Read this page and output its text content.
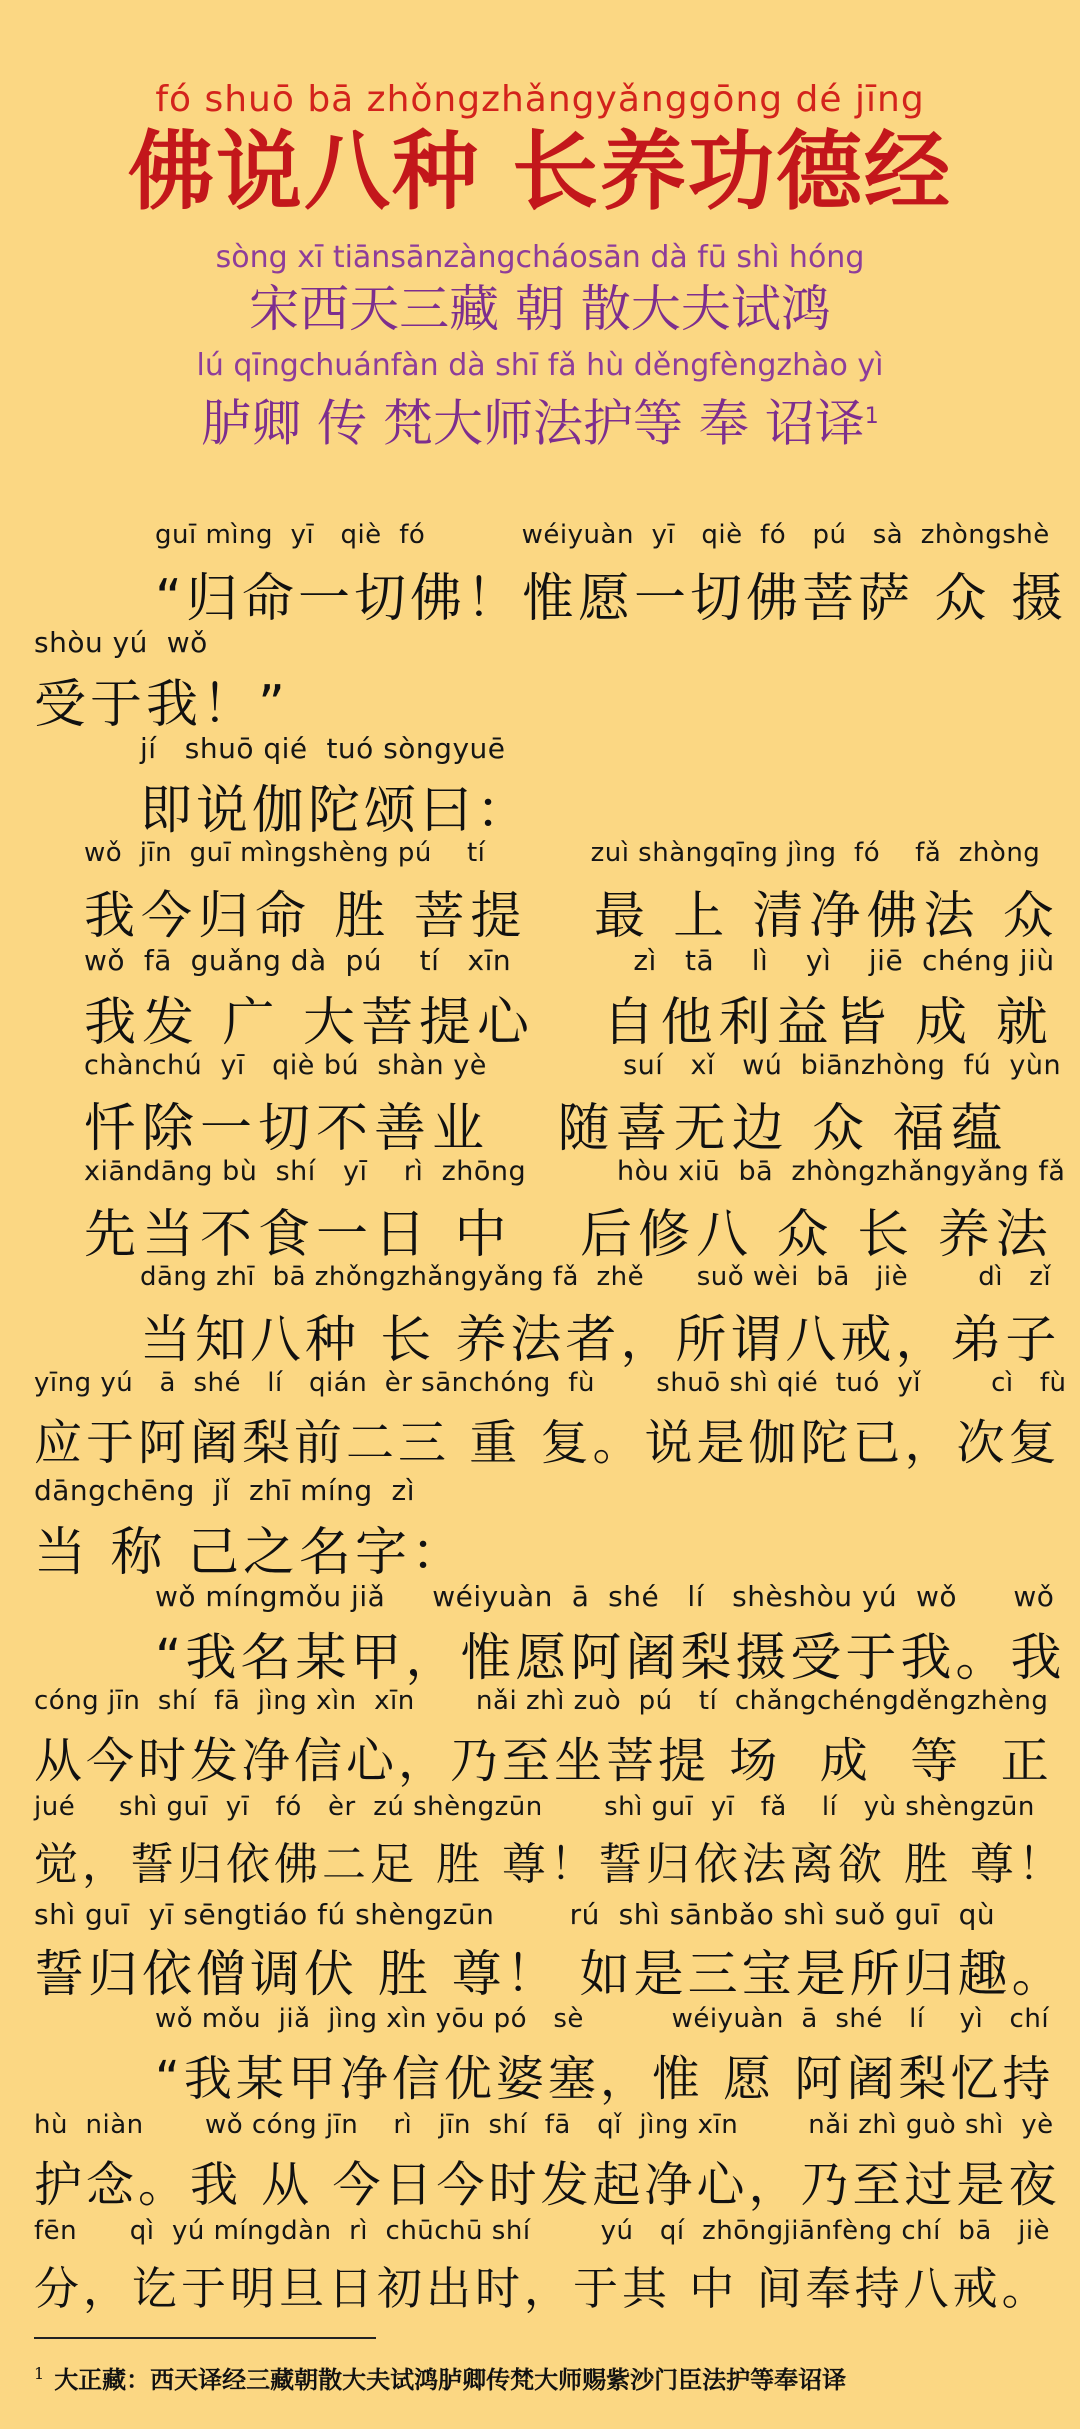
fó shuō bā zhǒngzhǎngyǎnggōng dé jīng
佛说八种 长养功德经
sòng xī tiānsānzàngcháosān dà fū shì hóng
宋西天三藏 朝 散大夫试鸿
lú qīngchuánfàn dà shī fǎ hù děngfèngzhào yì
胪卿 传 梵大师法护等 奉 诏译$^1$
guī mìng  yī   qiè  fó           wéiyuàn  yī   qiè  fó   pú   sà  zhòngshè
“归命一切佛！惟愿一切佛菩萨 众 摄
shòu yú  wǒ
受于我！”
jí   shuō qié  tuó sòngyuē
即说伽陀颂曰：
wǒ  jīn  guī mìngshèng pú    tí            zuì shàngqīng jìng  fó    fǎ  zhòng
我今归命 胜 菩提   最 上 清净佛法 众
wǒ  fā  guǎng dà  pú    tí   xīn             zì   tā    lì    yì    jiē  chéng jiù
我发 广 大菩提心   自他利益皆 成 就
chànchú  yī   qiè bú  shàn yè               suí   xǐ   wú  biānzhòng  fú  yùn
忏除一切不善业   随喜无边 众 福蕴
xiāndāng bù  shí   yī    rì  zhōng          hòu xiū  bā  zhòngzhǎngyǎng fǎ
先当不食一日 中   后修八 众 长 养法
dāng zhī  bā zhǒngzhǎngyǎng fǎ  zhě      suǒ wèi  bā   jiè        dì   zǐ
当知八种 长 养法者，所谓八戒，弟子
yīng yú   ā  shé   lí   qián  èr sānchóng  fù       shuō shì qié  tuó  yǐ        cì   fù
应于阿阇梨前二三 重 复。说是伽陀已，次复
dāngchēng  jǐ  zhī míng  zì
当 称 己之名字：
wǒ míngmǒu jiǎ     wéiyuàn  ā  shé   lí   shèshòu yú  wǒ      wǒ
“我名某甲，惟愿阿阇梨摄受于我。我
cóng jīn  shí  fā  jìng xìn  xīn       nǎi zhì zuò  pú   tí  chǎngchéngděngzhèng
从今时发净信心，乃至坐菩提 场  成  等  正
jué     shì guī  yī   fó   èr  zú shèngzūn       shì guī  yī   fǎ    lí   yù shèngzūn
觉，誓归依佛二足 胜 尊！誓归依法离欲 胜 尊！
shì guī  yī sēngtiáo fú shèngzūn        rú  shì sānbǎo shì suǒ guī  qù
誓归依僧调伏 胜 尊！ 如是三宝是所归趣。
wǒ mǒu  jiǎ  jìng xìn yōu pó   sè          wéiyuàn  ā  shé   lí    yì   chí
“我某甲净信优婆塞，惟 愿 阿阇梨忆持
hù  niàn       wǒ cóng jīn    rì   jīn  shí  fā   qǐ  jìng xīn        nǎi zhì guò shì  yè
护念。我 从 今日今时发起净心，乃至过是夜
fēn      qì  yú míngdàn  rì  chūchū shí        yú   qí  zhōngjiānfèng chí  bā   jiè
分，讫于明旦日初出时，于其 中 间奉持八戒。
$^1$ 大正藏：西天译经三藏朝散大夫试鸿胪卿传梵大师赐紫沙门臣法护等奉诏译
